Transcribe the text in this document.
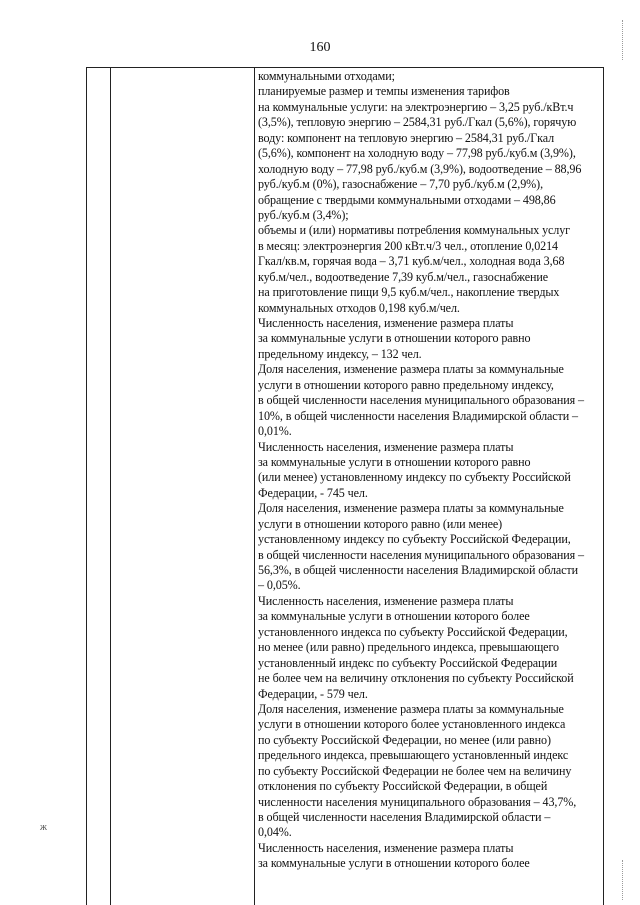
160
коммунальными отходами;
планируемые размер и темпы изменения тарифов
на коммунальные услуги: на электроэнергию – 3,25 руб./кВт.ч
(3,5%), тепловую энергию – 2584,31 руб./Гкал (5,6%), горячую
воду: компонент на тепловую энергию – 2584,31 руб./Гкал
(5,6%), компонент на холодную воду – 77,98 руб./куб.м (3,9%),
холодную воду – 77,98 руб./куб.м (3,9%), водоотведение – 88,96
руб./куб.м (0%), газоснабжение – 7,70 руб./куб.м (2,9%),
обращение с твердыми коммунальными отходами – 498,86
руб./куб.м (3,4%);
объемы и (или) нормативы потребления коммунальных услуг
в месяц: электроэнергия 200 кВт.ч/3 чел., отопление 0,0214
Гкал/кв.м, горячая вода – 3,71 куб.м/чел., холодная вода 3,68
куб.м/чел., водоотведение 7,39 куб.м/чел., газоснабжение
на приготовление пищи 9,5 куб.м/чел., накопление твердых
коммунальных отходов 0,198 куб.м/чел.
Численность населения, изменение размера платы
за коммунальные услуги в отношении которого равно
предельному индексу, – 132 чел.
Доля населения, изменение размера платы за коммунальные
услуги в отношении которого равно предельному индексу,
в общей численности населения муниципального образования –
10%, в общей численности населения Владимирской области –
0,01%.
Численность населения, изменение размера платы
за коммунальные услуги в отношении которого равно
(или менее) установленному индексу по субъекту Российской
Федерации, - 745 чел.
Доля населения, изменение размера платы за коммунальные
услуги в отношении которого равно (или менее)
установленному индексу по субъекту Российской Федерации,
в общей численности населения муниципального образования –
56,3%, в общей численности населения Владимирской области
– 0,05%.
Численность населения, изменение размера платы
за коммунальные услуги в отношении которого более
установленного индекса по субъекту Российской Федерации,
но менее (или равно) предельного индекса, превышающего
установленный индекс по субъекту Российской Федерации
не более чем на величину отклонения по субъекту Российской
Федерации, - 579 чел.
Доля населения, изменение размера платы за коммунальные
услуги в отношении которого более установленного индекса
по субъекту Российской Федерации, но менее (или равно)
предельного индекса, превышающего установленный индекс
по субъекту Российской Федерации не более чем на величину
отклонения по субъекту Российской Федерации, в общей
численности населения муниципального образования – 43,7%,
в общей численности населения Владимирской области –
0,04%.
Численность населения, изменение размера платы
за коммунальные услуги в отношении которого более
ж
